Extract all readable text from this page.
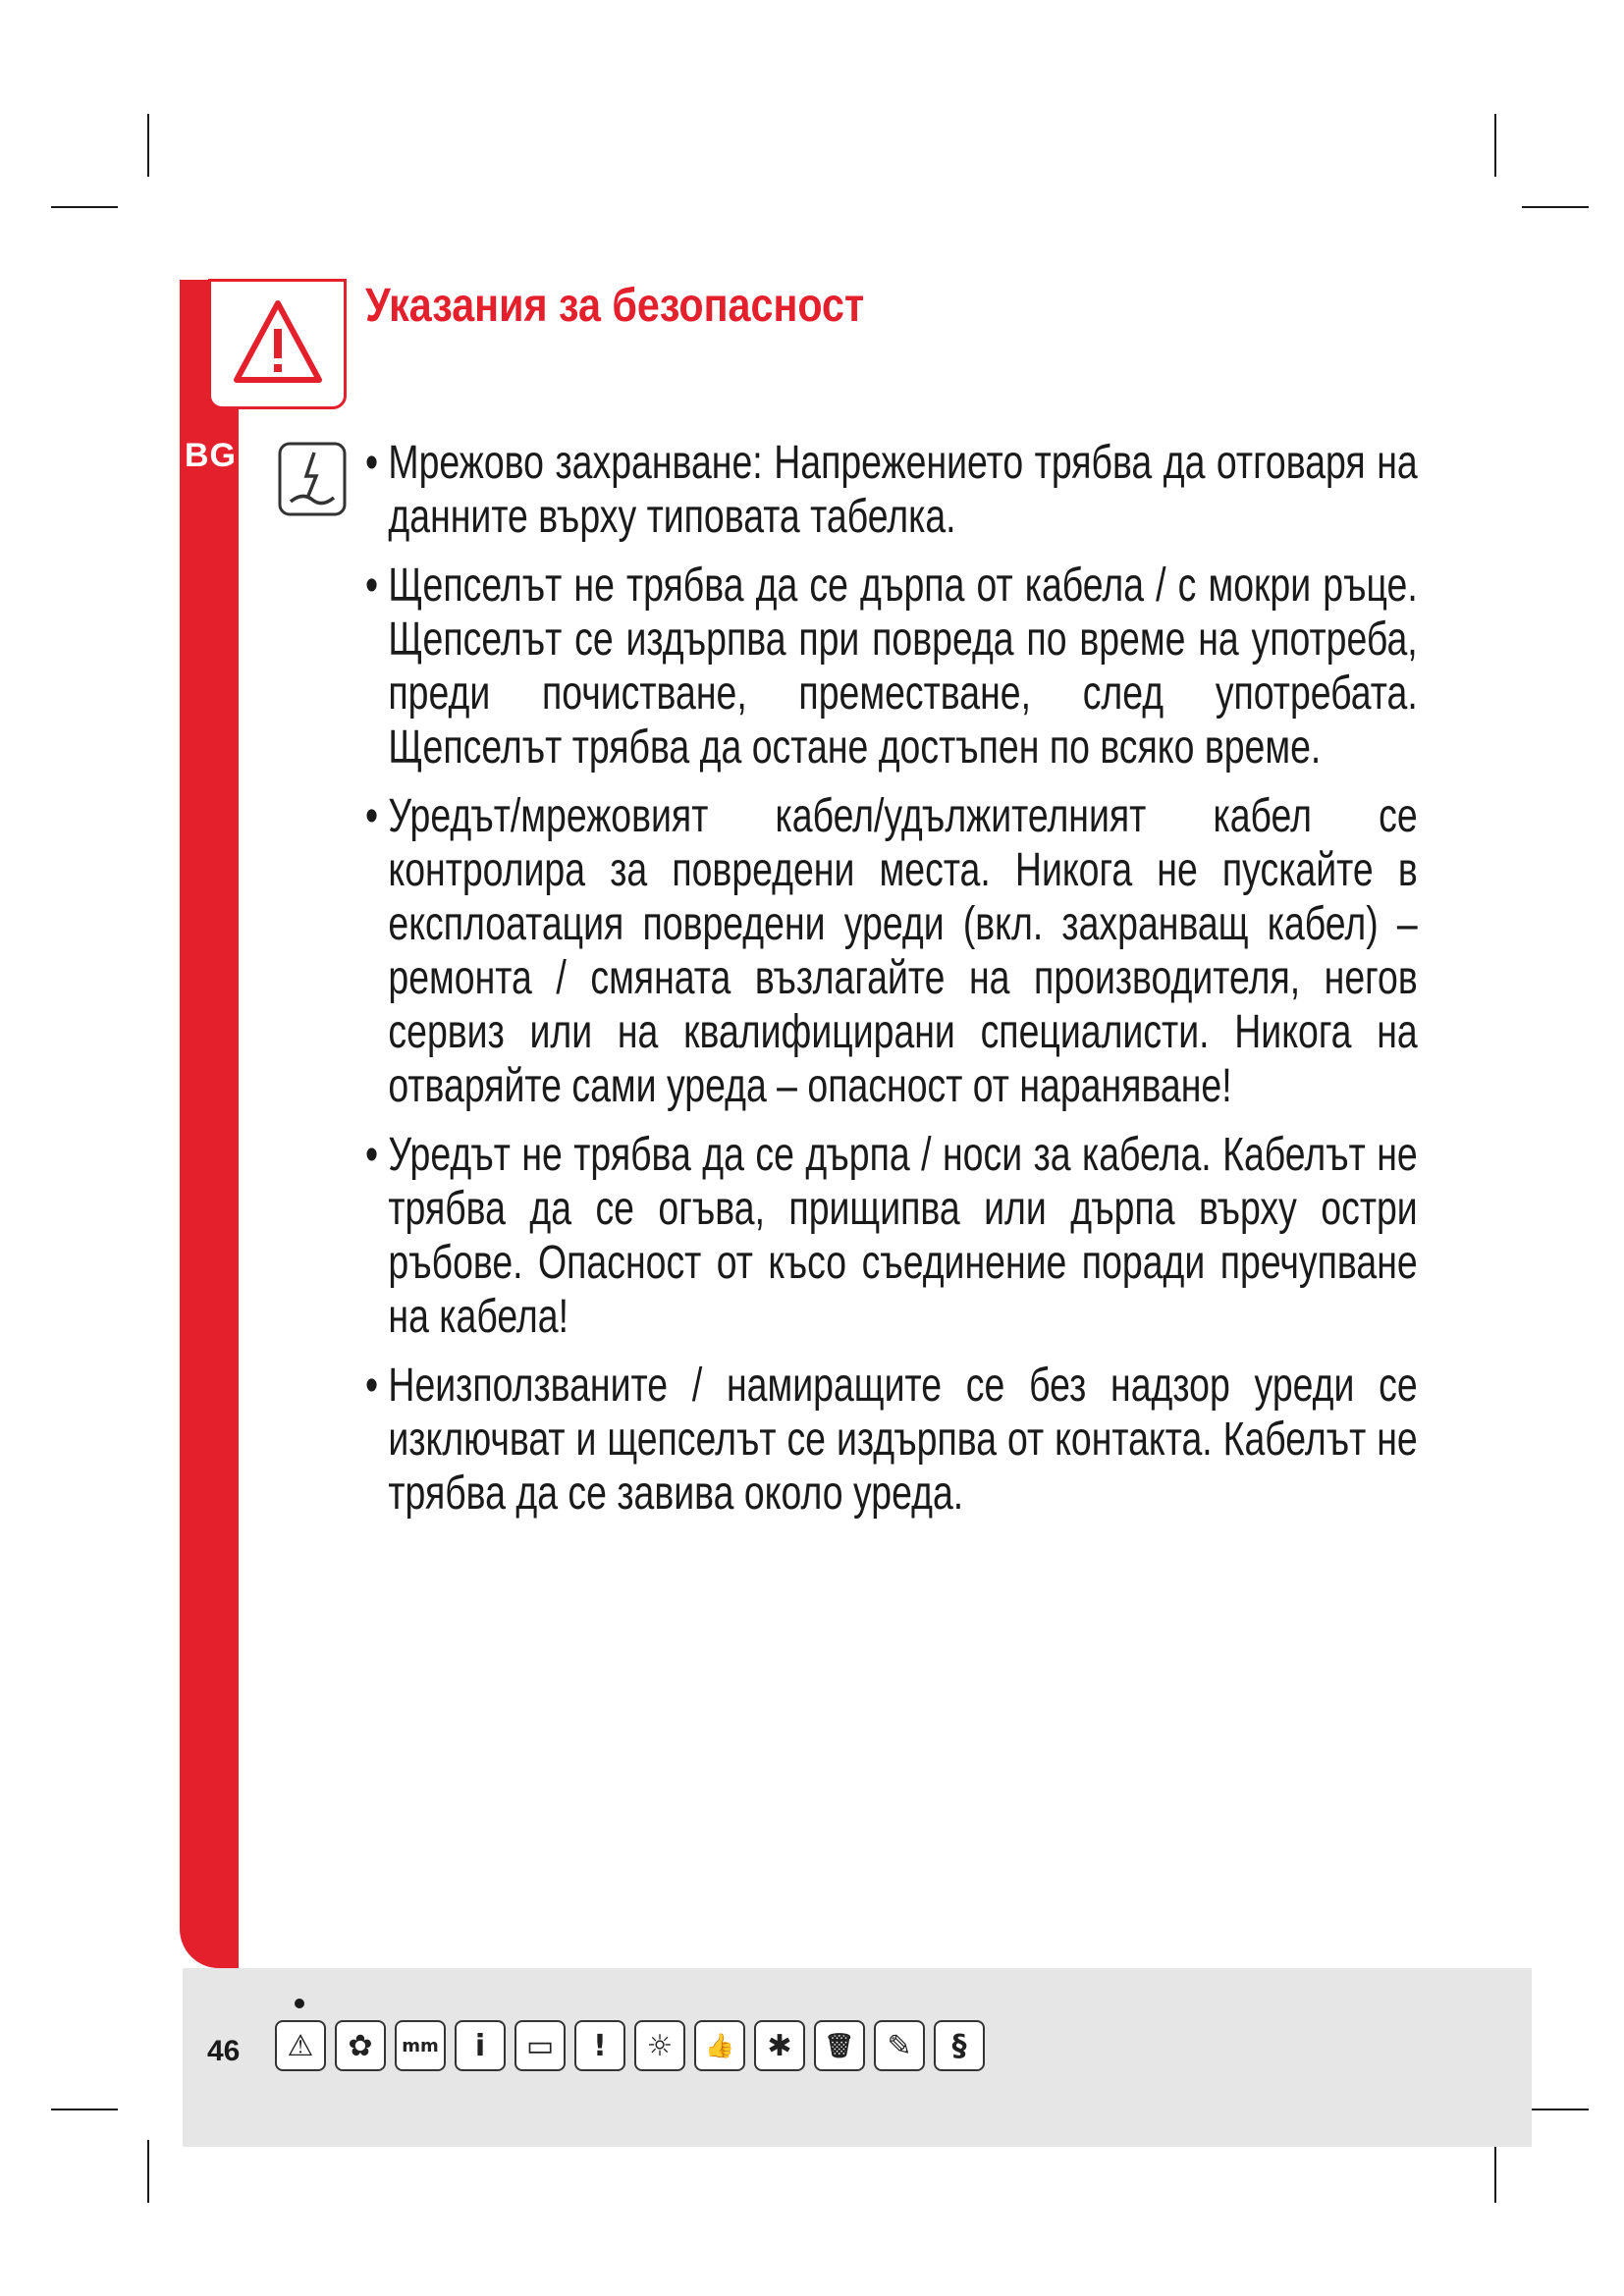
BG
Указания за безопасност
• Мрежово захранване: Напрежението трябва да отговаря на данните върху типовата табелка.
• Щепселът не трябва да се дърпа от кабела / с мокри ръце. Щепселът се издърпва при повреда по време на употреба, преди почистване, преместване, след употребата. Щепселът трябва да остане достъпен по всяко време.
• Уредът/мрежовият кабел/удължителният кабел се контролира за повредени места. Никога не пускайте в експлоатация повредени уреди (вкл. захранващ кабел) – ремонта / смяната възлагайте на производителя, негов сервиз или на квалифицирани специалисти. Никога на отваряйте сами уреда – опасност от нараняване!
• Уредът не трябва да се дърпа / носи за кабела. Кабелът не трябва да се огъва, прищипва или дърпа върху остри ръбове. Опасност от късо съединение поради пречупване на кабела!
• Неизползваните / намиращите се без надзор уреди се изключват и щепселът се издърпва от контакта. Кабелът не трябва да се завива около уреда.
46	⚠	✿	mm	i	▭	!	☼	👍	✱	🗑	✎	§
